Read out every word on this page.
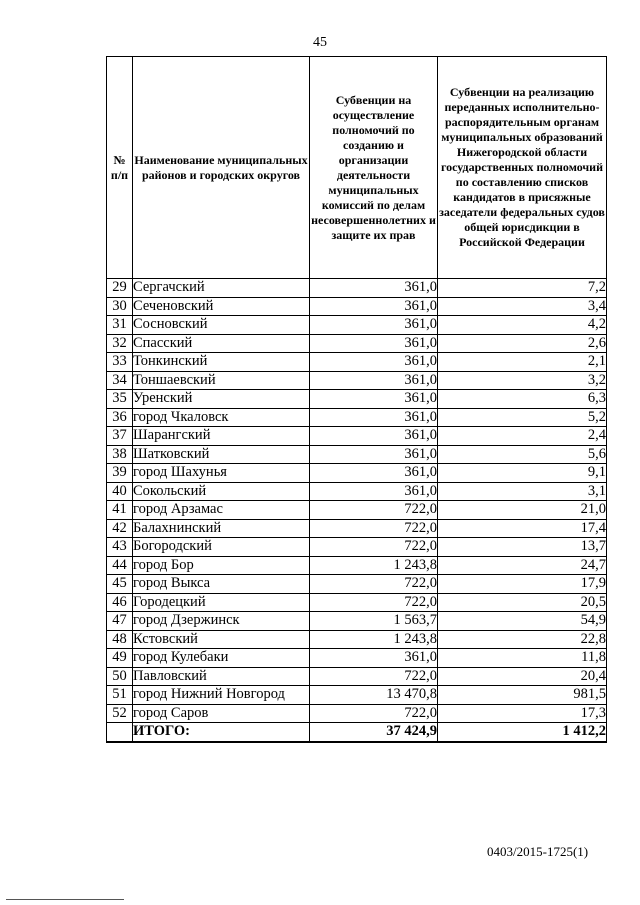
45
№ п/п	Наименование муниципальных районов и городских округов	Субвенции на осуществление полномочий по созданию и организации деятельности муниципальных комиссий по делам несовершеннолетних и защите их прав	Субвенции на реализацию переданных исполнительно-распорядительным органам муниципальных образований Нижегородской области государственных полномочий по составлению списков кандидатов в присяжные заседатели федеральных судов общей юрисдикции в Российской Федерации
29	Сергачский	361,0	7,2
30	Сеченовский	361,0	3,4
31	Сосновский	361,0	4,2
32	Спасский	361,0	2,6
33	Тонкинский	361,0	2,1
34	Тоншаевский	361,0	3,2
35	Уренский	361,0	6,3
36	город Чкаловск	361,0	5,2
37	Шарангский	361,0	2,4
38	Шатковский	361,0	5,6
39	город Шахунья	361,0	9,1
40	Сокольский	361,0	3,1
41	город Арзамас	722,0	21,0
42	Балахнинский	722,0	17,4
43	Богородский	722,0	13,7
44	город Бор	1 243,8	24,7
45	город Выкса	722,0	17,9
46	Городецкий	722,0	20,5
47	город Дзержинск	1 563,7	54,9
48	Кстовский	1 243,8	22,8
49	город Кулебаки	361,0	11,8
50	Павловский	722,0	20,4
51	город Нижний Новгород	13 470,8	981,5
52	город Саров	722,0	17,3
	ИТОГО:	37 424,9	1 412,2
0403/2015-1725(1)
